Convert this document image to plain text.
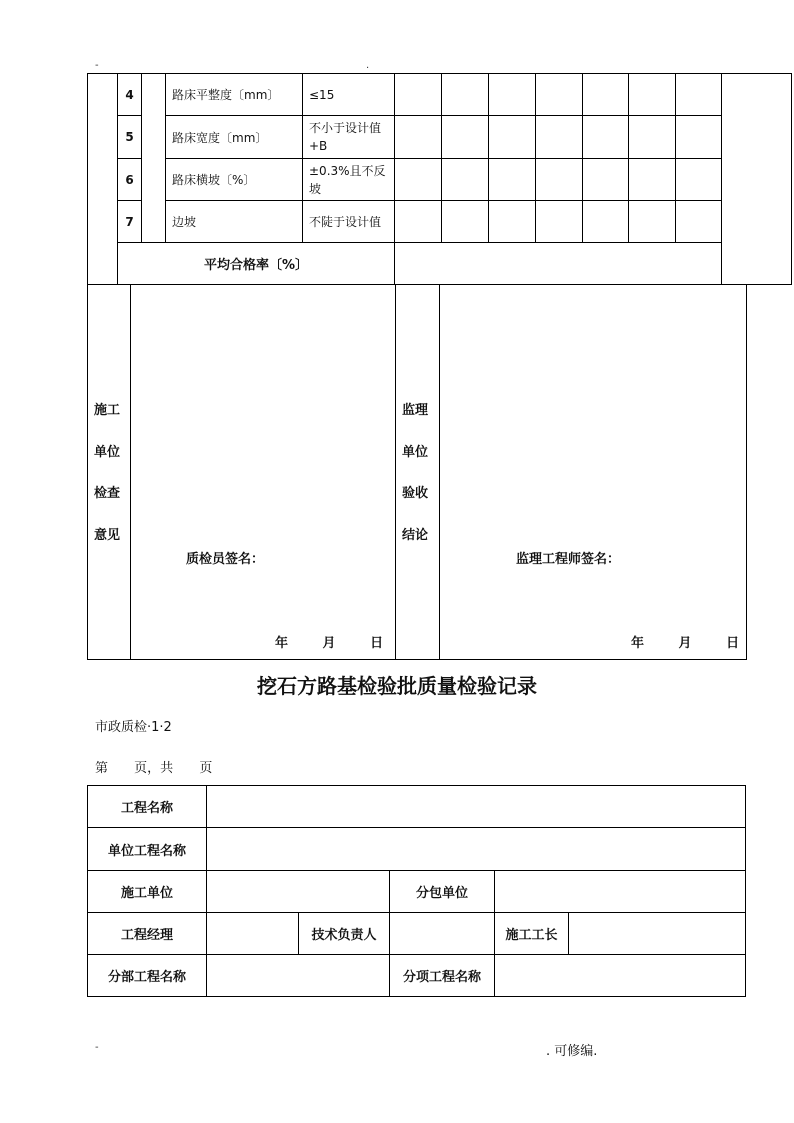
-	.
	4		路床平整度〔mm〕	≤15								
	5		路床宽度〔mm〕	不小于设计值+B								
	6		路床横坡〔%〕	±0.3%且不反坡								
	7		边坡	不陡于设计值								
	平均合格率〔%〕											
施工
单位
检查
意见
质检员签名：
年	月	日
监理
单位
验收
结论
监理工程师签名：
年	月	日
挖石方路基检验批质量检验记录
市政质检·1·2
第 页，共 页
工程名称					
单位工程名称					
施工单位			分包单位		
工程经理		技术负责人		施工工长	
分部工程名称			分项工程名称		
-	. 可修编.
